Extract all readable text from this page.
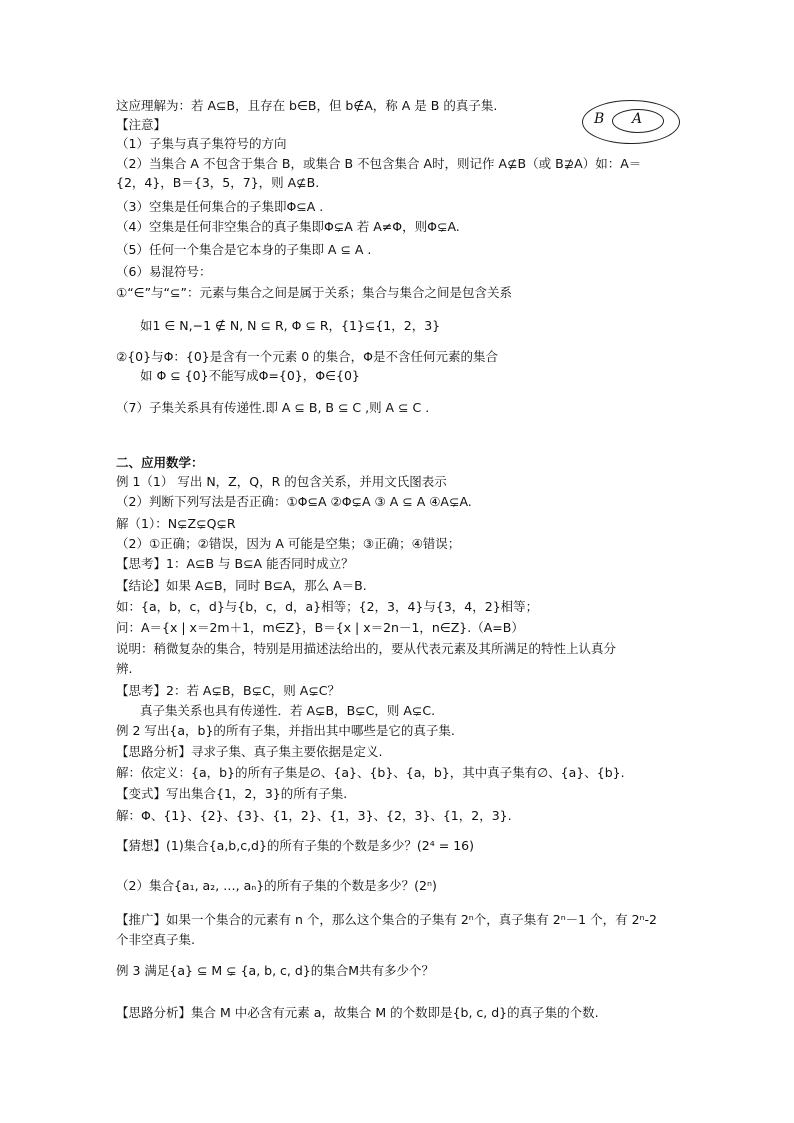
B A
这应理解为：若 A⊆B，且存在 b∈B，但 b∉A，称 A 是 B 的真子集.
【注意】
（1）子集与真子集符号的方向
（2）当集合 A 不包含于集合 B，或集合 B 不包含集合 A时，则记作 A⊈B（或 B⊉A）如：A＝
{2，4}，B＝{3，5，7}，则 A⊈B.
（3）空集是任何集合的子集即Φ⊆A .
（4）空集是任何非空集合的真子集即Φ⊊A 若 A≠Φ，则Φ⊊A.
（5）任何一个集合是它本身的子集即 A ⊆ A .
（6）易混符号：
①“∈”与“⊆”：元素与集合之间是属于关系；集合与集合之间是包含关系
如1 ∈ N,−1 ∉ N, N ⊆ R, Φ ⊆ R，{1}⊆{1，2，3}
②{0}与Φ：{0}是含有一个元素 0 的集合，Φ是不含任何元素的集合
如 Φ ⊆ {0}不能写成Φ={0}，Φ∈{0}
（7）子集关系具有传递性.即 A ⊆ B, B ⊆ C ,则 A ⊆ C .
二、应用数学：
例 1（1） 写出 N，Z，Q，R 的包含关系，并用文氏图表示
（2）判断下列写法是否正确：①Φ⊆A ②Φ⊊A ③ A ⊆ A ④A⊊A.
解（1）：N⊊Z⊊Q⊊R
（2）①正确；②错误，因为 A 可能是空集；③正确；④错误；
【思考】1：A⊆B 与 B⊆A 能否同时成立？
【结论】如果 A⊆B，同时 B⊆A，那么 A＝B.
如：{a，b，c，d}与{b，c，d，a}相等；{2，3，4}与{3，4，2}相等；
问：A＝{x | x＝2m＋1，m∈Z}，B＝{x | x＝2n－1，n∈Z}.（A=B）
说明：稍微复杂的集合，特别是用描述法给出的，要从代表元素及其所满足的特性上认真分
辨.
【思考】2：若 A⊊B，B⊊C，则 A⊊C？
真子集关系也具有传递性．若 A⊊B，B⊊C，则 A⊊C.
例 2 写出{a，b}的所有子集，并指出其中哪些是它的真子集.
【思路分析】寻求子集、真子集主要依据是定义.
解：依定义：{a，b}的所有子集是∅、{a}、{b}、{a，b}，其中真子集有∅、{a}、{b}.
【变式】写出集合{1，2，3}的所有子集.
解：Φ、{1}、{2}、{3}、{1，2}、{1，3}、{2，3}、{1，2，3}.
【猜想】(1)集合{a,b,c,d}的所有子集的个数是多少？(2⁴ = 16)
（2）集合{a₁, a₂, …, aₙ}的所有子集的个数是多少？(2ⁿ)
【推广】如果一个集合的元素有 n 个，那么这个集合的子集有 2ⁿ个，真子集有 2ⁿ－1 个，有 2ⁿ-2
个非空真子集.
例 3 满足{a} ⊆ M ⊊ {a, b, c, d}的集合M共有多少个？
【思路分析】集合 M 中必含有元素 a，故集合 M 的个数即是{b, c, d}的真子集的个数.
